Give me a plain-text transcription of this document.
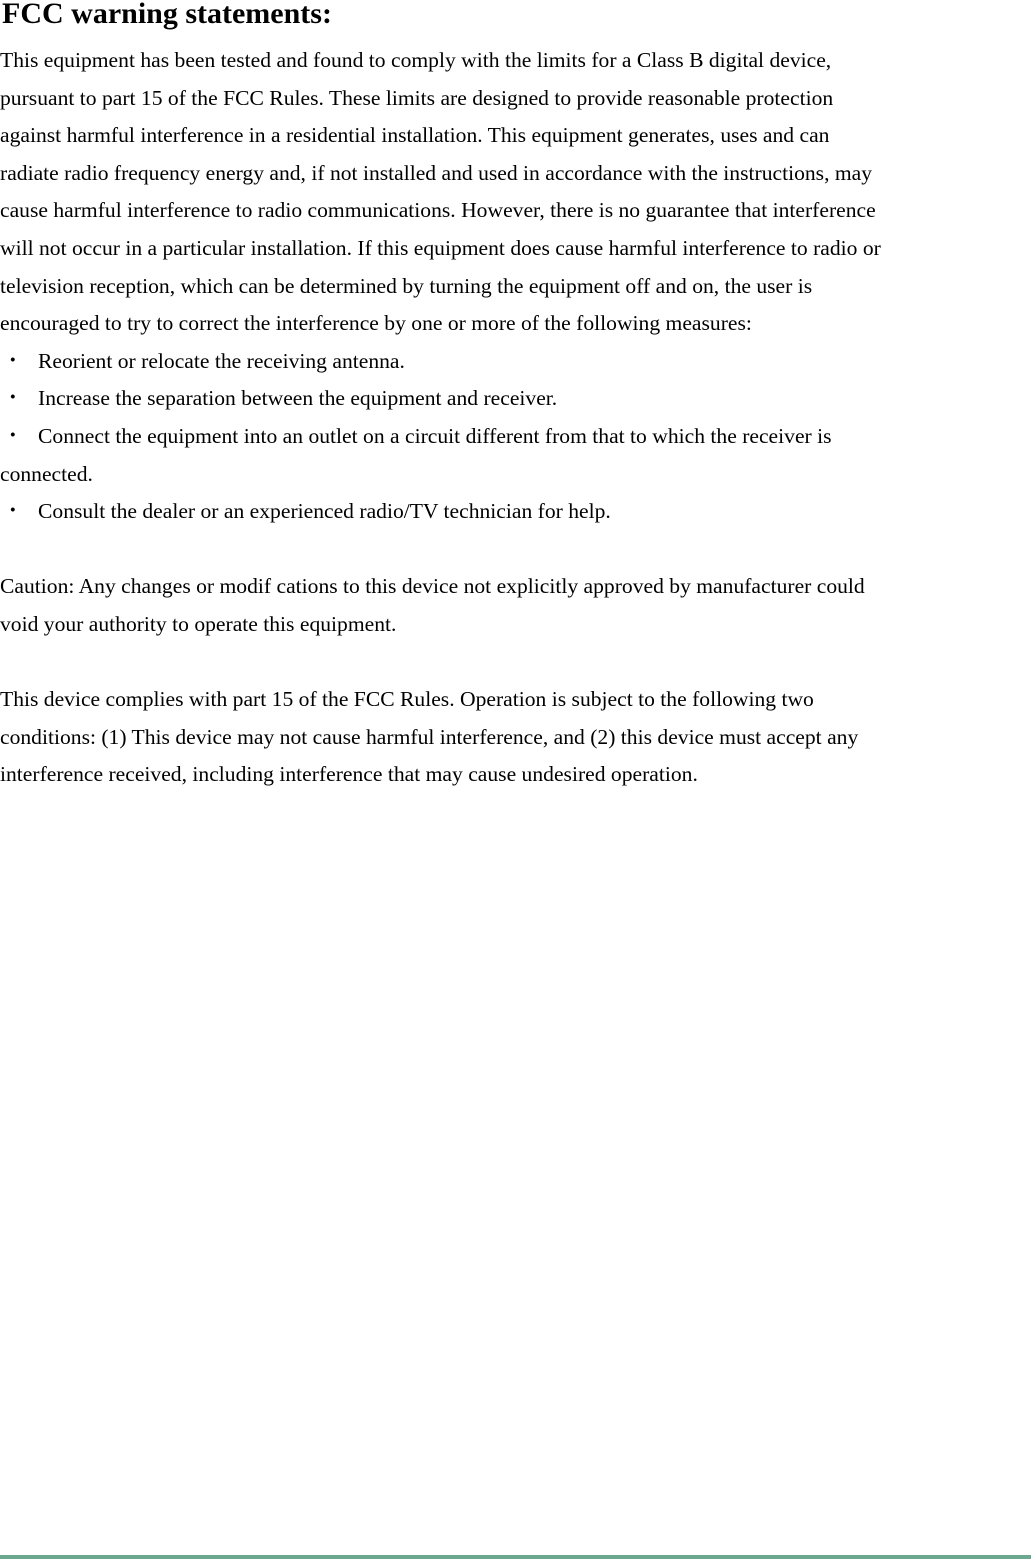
FCC warning statements:

This equipment has been tested and found to comply with the limits for a Class B digital device,

pursuant to part 15 of the FCC Rules. These limits are designed to provide reasonable protection

against harmful interference in a residential installation. This equipment generates, uses and can

radiate radio frequency energy and, if not installed and used in accordance with the instructions, may

cause harmful interference to radio communications. However, there is no guarantee that interference

will not occur in a particular installation. If this equipment does cause harmful interference to radio or

television reception, which can be determined by turning the equipment off and on, the user is

encouraged to try to correct the interference by one or more of the following measures:

・ Reorient or relocate the receiving antenna.

・ Increase the separation between the equipment and receiver.

・ Connect the equipment into an outlet on a circuit different from that to which the receiver is

connected.

・ Consult the dealer or an experienced radio/TV technician for help.

Caution: Any changes or modif cations to this device not explicitly approved by manufacturer could

void your authority to operate this equipment.

This device complies with part 15 of the FCC Rules. Operation is subject to the following two

conditions: (1) This device may not cause harmful interference, and (2) this device must accept any

interference received, including interference that may cause undesired operation.
